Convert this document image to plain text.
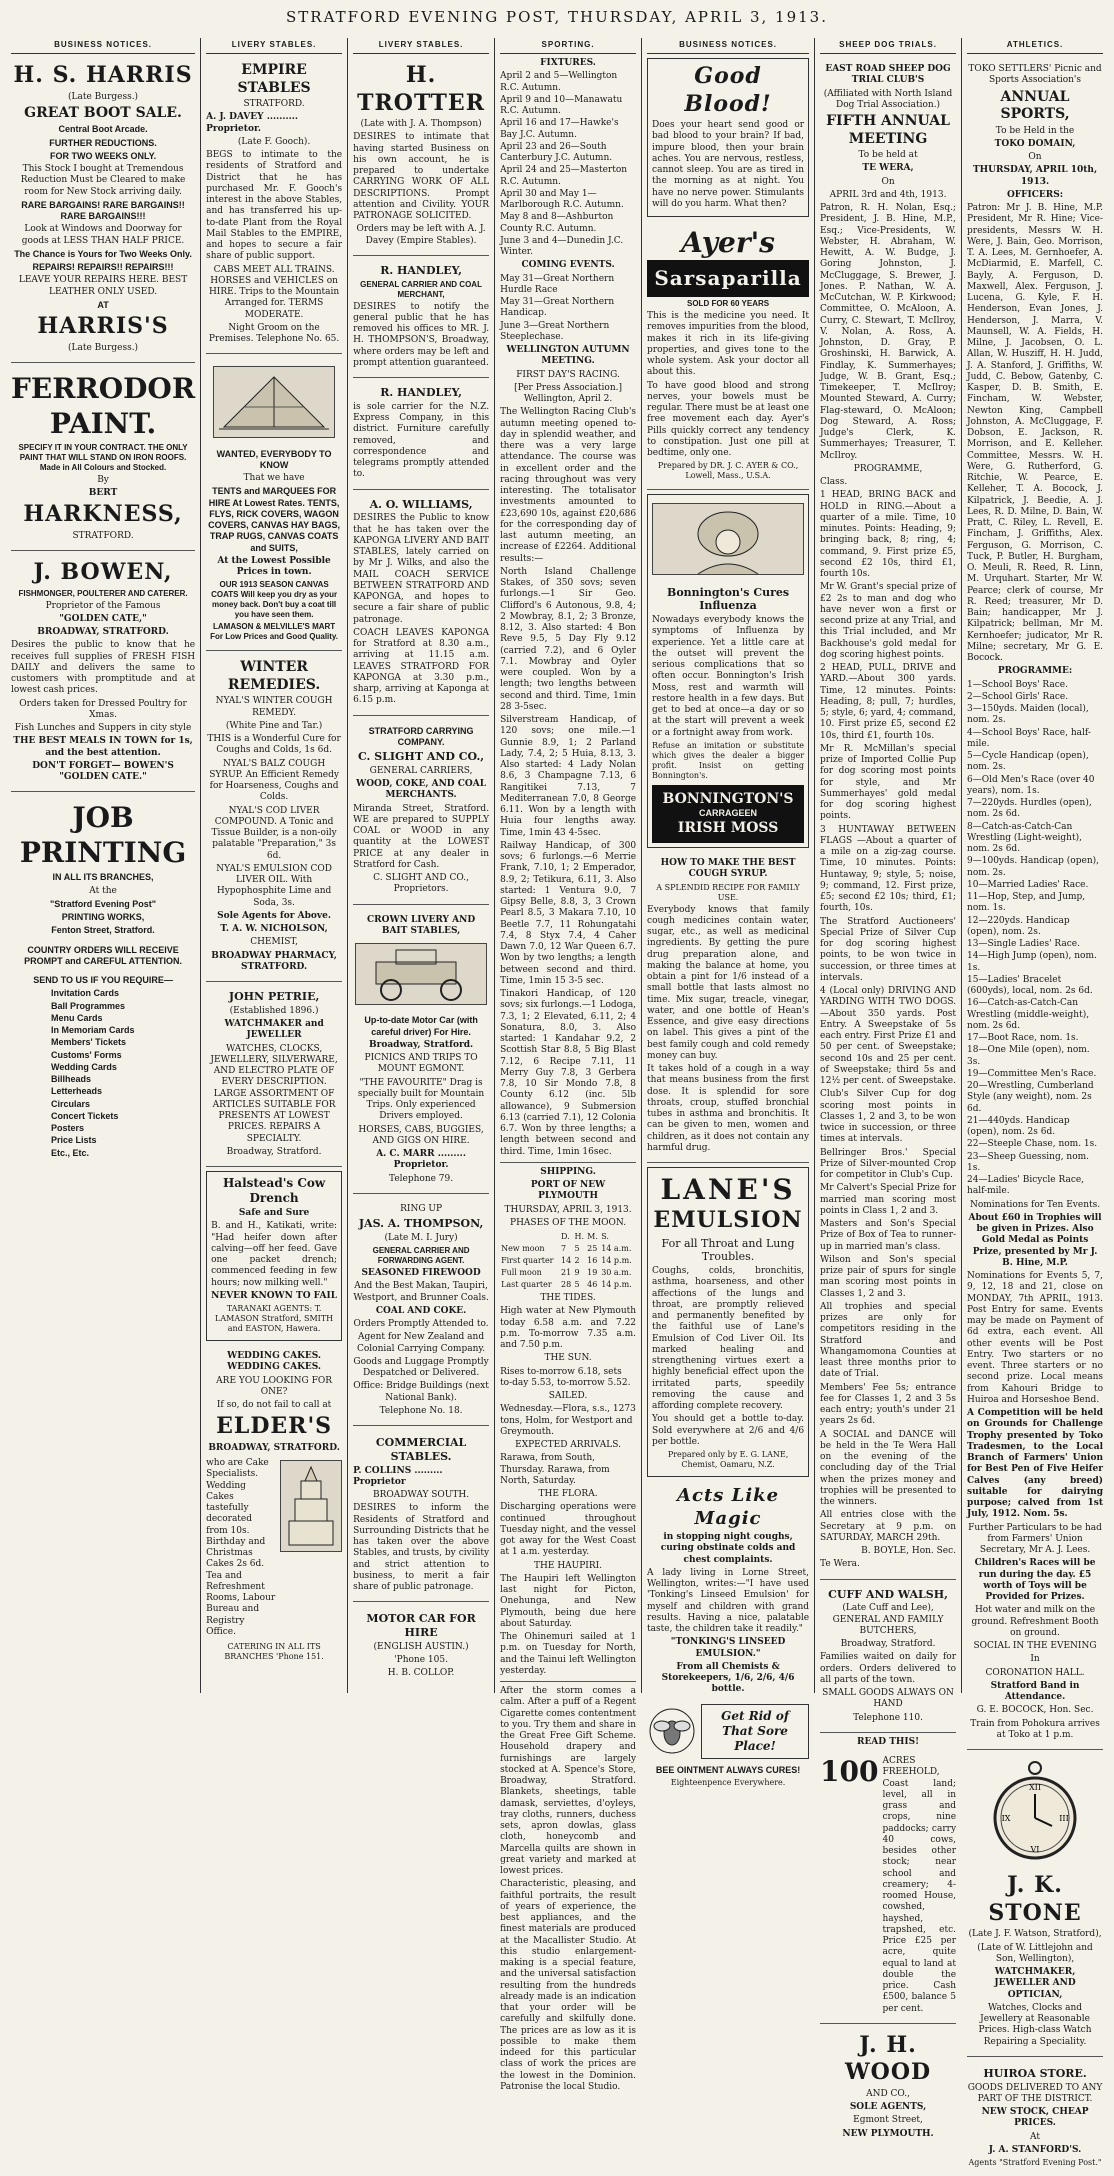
STRATFORD EVENING POST, THURSDAY, APRIL 3, 1913.
BUSINESS NOTICES.
H. S. HARRIS

(Late Burgess.)

GREAT BOOT SALE.

Central Boot Arcade.

FURTHER REDUCTIONS.

FOR TWO WEEKS ONLY.

This Stock I bought at Tremendous Reduction Must be Cleared to make room for New Stock arriving daily.

RARE BARGAINS! RARE BARGAINS!! RARE BARGAINS!!!

Look at Windows and Doorway for goods at LESS THAN HALF PRICE.

The Chance is Yours for Two Weeks Only.

REPAIRS! REPAIRS!! REPAIRS!!!

LEAVE YOUR REPAIRS HERE. BEST LEATHER ONLY USED.

AT

HARRIS'S

(Late Burgess.)

FERRODOR PAINT.

SPECIFY IT IN YOUR CONTRACT. THE ONLY PAINT THAT WILL STAND ON IRON ROOFS. Made in All Colours and Stocked.

By

BERT

HARKNESS,

STRATFORD.

J. BOWEN,

FISHMONGER, POULTERER AND CATERER.

Proprietor of the Famous

"GOLDEN CATE,"

BROADWAY, STRATFORD.

Desires the public to know that he receives full supplies of FRESH FISH DAILY and delivers the same to customers with promptitude and at lowest cash prices.

Orders taken for Dressed Poultry for Xmas.

Fish Lunches and Suppers in city style

THE BEST MEALS IN TOWN for 1s, and the best attention.

DON'T FORGET— BOWEN'S "GOLDEN CATE."

JOB
PRINTING

IN ALL ITS BRANCHES,

At the

"Stratford Evening Post"

PRINTING WORKS,

Fenton Street, Stratford.

COUNTRY ORDERS WILL RECEIVE PROMPT and CAREFUL ATTENTION.

SEND TO US IF YOU REQUIRE—

Invitation Cards
Ball Programmes
Menu Cards
In Memoriam Cards
Members' Tickets
Customs' Forms
Wedding Cards
Billheads
Letterheads
Circulars
Concert Tickets
Posters
Price Lists
Etc., Etc.
LIVERY STABLES.
EMPIRE STABLES

STRATFORD.

A. J. DAVEY .......... Proprietor.

(Late F. Gooch).

BEGS to intimate to the residents of Stratford and District that he has purchased Mr. F. Gooch's interest in the above Stables, and has transferred his up-to-date Plant from the Royal Mail Stables to the EMPIRE, and hopes to secure a fair share of public support.

CABS MEET ALL TRAINS. HORSES and VEHICLES on HIRE. Trips to the Mountain Arranged for. TERMS MODERATE.

Night Groom on the Premises. Telephone No. 65.

WANTED, EVERYBODY TO KNOW

That we have

TENTS and MARQUEES FOR HIRE At Lowest Rates. TENTS, FLYS, RICK COVERS, WAGON COVERS, CANVAS HAY BAGS, TRAP RUGS, CANVAS COATS and SUITS,

At the Lowest Possible Prices in town.

OUR 1913 SEASON CANVAS COATS Will keep you dry as your money back. Don't buy a coat till you have seen them.

LAMASON & MELVILLE'S MART For Low Prices and Good Quality.

WINTER REMEDIES.

NYAL'S WINTER COUGH REMEDY.

(White Pine and Tar.)

THIS is a Wonderful Cure for Coughs and Colds, 1s 6d.

NYAL'S BALZ COUGH SYRUP. An Efficient Remedy for Hoarseness, Coughs and Colds.

NYAL'S COD LIVER COMPOUND. A Tonic and Tissue Builder, is a non-oily palatable "Preparation," 3s 6d.

NYAL'S EMULSION COD LIVER OIL. With Hypophosphite Lime and Soda, 3s.

Sole Agents for Above.

T. A. W. NICHOLSON,

CHEMIST,

BROADWAY PHARMACY, STRATFORD.

JOHN PETRIE,

(Established 1896.)

WATCHMAKER and JEWELLER

WATCHES, CLOCKS, JEWELLERY, SILVERWARE, AND ELECTRO PLATE OF EVERY DESCRIPTION. LARGE ASSORTMENT OF ARTICLES SUITABLE FOR PRESENTS AT LOWEST PRICES. REPAIRS A SPECIALTY.

Broadway, Stratford.

Halstead's Cow Drench

Safe and Sure

B. and H., Katikati, write: "Had heifer down after calving—off her feed. Gave one packet drench; commenced feeding in few hours; now milking well."

NEVER KNOWN TO FAIL

TARANAKI AGENTS: T. LAMASON Stratford, SMITH and EASTON, Hawera.

WEDDING CAKES. WEDDING CAKES.

ARE YOU LOOKING FOR ONE?

If so, do not fail to call at

ELDER'S

BROADWAY, STRATFORD.

who are Cake Specialists. Wedding Cakes tastefully decorated from 10s. Birthday and Christmas Cakes 2s 6d. Tea and Refreshment Rooms, Labour Bureau and Registry Office.

CATERING IN ALL ITS BRANCHES 'Phone 151.

LIVERY STABLES.
H. TROTTER

(Late with J. A. Thompson)

DESIRES to intimate that having started Business on his own account, he is prepared to undertake CARRYING WORK OF ALL DESCRIPTIONS. Prompt attention and Civility. YOUR PATRONAGE SOLICITED.

Orders may be left with A. J. Davey (Empire Stables).

R. HANDLEY,

GENERAL CARRIER AND COAL MERCHANT,

DESIRES to notify the general public that he has removed his offices to MR. J. H. THOMPSON'S, Broadway, where orders may be left and prompt attention guaranteed.

R. HANDLEY,

is sole carrier for the N.Z. Express Company, in this district. Furniture carefully removed, and correspondence and telegrams promptly attended to.

A. O. WILLIAMS,

DESIRES the Public to know that he has taken over the KAPONGA LIVERY AND BAIT STABLES, lately carried on by Mr J. Wilks, and also the MAIL COACH SERVICE BETWEEN STRATFORD AND KAPONGA, and hopes to secure a fair share of public patronage.

COACH LEAVES KAPONGA for Stratford at 8.30 a.m., arriving at 11.15 a.m. LEAVES STRATFORD FOR KAPONGA at 3.30 p.m., sharp, arriving at Kaponga at 6.15 p.m.

STRATFORD CARRYING COMPANY.

C. SLIGHT AND CO.,

GENERAL CARRIERS,

WOOD, COKE, AND COAL MERCHANTS.

Miranda Street, Stratford. WE are prepared to SUPPLY COAL or WOOD in any quantity at the LOWEST PRICE at any dealer in Stratford for Cash.

C. SLIGHT AND CO., Proprietors.

CROWN LIVERY AND BAIT STABLES,

Up-to-date Motor Car (with careful driver) For Hire.

Broadway, Stratford.

PICNICS AND TRIPS TO MOUNT EGMONT.

"THE FAVOURITE" Drag is specially built for Mountain Trips. Only experienced Drivers employed.

HORSES, CABS, BUGGIES, AND GIGS ON HIRE.

A. C. MARR ......... Proprietor.

Telephone 79.

RING UP

JAS. A. THOMPSON,

(Late M. I. Jury)

GENERAL CARRIER AND FORWARDING AGENT.

SEASONED FIREWOOD

And the Best Makan, Taupiri, Westport, and Brunner Coals.

COAL AND COKE.

Orders Promptly Attended to.

Agent for New Zealand and Colonial Carrying Company.

Goods and Luggage Promptly Despatched or Delivered.

Office: Bridge Buildings (next National Bank).

Telephone No. 18.

COMMERCIAL STABLES.

P. COLLINS ......... Proprietor

BROADWAY SOUTH.

DESIRES to inform the Residents of Stratford and Surrounding Districts that he has taken over the above Stables, and trusts, by civility and strict attention to business, to merit a fair share of public patronage.

MOTOR CAR FOR HIRE

(ENGLISH AUSTIN.)

'Phone 105.

H. B. COLLOP.

SPORTING.

FIXTURES.

April 2 and 5—Wellington R.C. Autumn.
April 9 and 10—Manawatu R.C. Autumn.
April 16 and 17—Hawke's Bay J.C. Autumn.
April 23 and 26—South Canterbury J.C. Autumn.
April 24 and 25—Masterton R.C. Autumn.
April 30 and May 1—Marlborough R.C. Autumn.
May 8 and 8—Ashburton County R.C. Autumn.
June 3 and 4—Dunedin J.C. Winter.

COMING EVENTS.

May 31—Great Northern Hurdle Race
May 31—Great Northern Handicap.
June 3—Great Northern Steeplechase.

WELLINGTON AUTUMN MEETING.

FIRST DAY'S RACING.

[Per Press Association.] Wellington, April 2.

The Wellington Racing Club's autumn meeting opened to-day in splendid weather, and there was a very large attendance. The course was in excellent order and the racing throughout was very interesting. The totalisator investments amounted to £23,690 10s, against £20,686 for the corresponding day of last autumn meeting, an increase of £2264. Additional results:—

North Island Challenge Stakes, of 350 sovs; seven furlongs.—1 Sir Geo. Clifford's 6 Autonous, 9.8, 4; 2 Mowbray, 8.1, 2; 3 Bronze, 8.12, 3. Also started: 4 Bon Reve 9.5, 5 Day Fly 9.12 (carried 7.2), and 6 Oyler 7.1. Mowbray and Oyler were coupled. Won by a length; two lengths between second and third. Time, 1min 28 3-5sec.

Silverstream Handicap, of 120 sovs; one mile.—1 Gunnie 8.9, 1; 2 Parland Lady, 7.4, 2; 5 Huia, 8.13, 3. Also started: 4 Lady Nolan 8.6, 3 Champagne 7.13, 6 Rangitikei 7.13, 7 Mediterranean 7.0, 8 George 6.11. Won by a length with Huia four lengths away. Time, 1min 43 4-5sec.

Railway Handicap, of 300 sovs; 6 furlongs.—6 Merrie Frank, 7.10, 1; 2 Emperador, 8.9, 2; Tetikura, 6.11, 3. Also started: 1 Ventura 9.0, 7 Gipsy Belle, 8.8, 3, 3 Crown Pearl 8.5, 3 Makara 7.10, 10 Beetle 7.7, 11 Rohungatahi 7.4, 8 Styx 7.4, 4 Caher Dawn 7.0, 12 War Queen 6.7. Won by two lengths; a length between second and third. Time, 1min 15 3-5 sec.

Tinakori Handicap, of 120 sovs; six furlongs.—1 Lodoga, 7.3, 1; 2 Elevated, 6.11, 2; 4 Sonatura, 8.0, 3. Also started: 1 Kandahar 9.2, 2 Scottish Star 8.8, 5 Big Blast 7.12, 6 Recipe 7.11, 11 Merry Guy 7.8, 3 Gerbera 7.8, 10 Sir Mondo 7.8, 8 County 6.12 (inc. 5lb allowance), 9 Submersion 6.13 (carried 7.1), 12 Colonia 6.7. Won by three lengths; a length between second and third. Time, 1min 16sec.

SHIPPING.

PORT OF NEW PLYMOUTH

THURSDAY, APRIL 3, 1913.

PHASES OF THE MOON.

	D.	H.	M.	S.
New moon	7	5	25	14 a.m.
First quarter	14	2	16	14 p.m.
Full moon	21	9	19	30 a.m.
Last quarter	28	5	46	14 p.m.

THE TIDES.

High water at New Plymouth today 6.58 a.m. and 7.22 p.m. To-morrow 7.35 a.m. and 7.50 p.m.

THE SUN.

Rises to-morrow 6.18, sets to-day 5.53, to-morrow 5.52.

SAILED.

Wednesday.—Flora, s.s., 1273 tons, Holm, for Westport and Greymouth.

EXPECTED ARRIVALS.

Rarawa, from South, Thursday. Rarawa, from North, Saturday.

THE FLORA.

Discharging operations were continued throughout Tuesday night, and the vessel got away for the West Coast at 1 a.m. yesterday.

THE HAUPIRI.

The Haupiri left Wellington last night for Picton, Onehunga, and New Plymouth, being due here about Saturday.

The Ohinemuri sailed at 1 p.m. on Tuesday for North, and the Tainui left Wellington yesterday.

After the storm comes a calm. After a puff of a Regent Cigarette comes contentment to you. Try them and share in the Great Free Gift Scheme. Household drapery and furnishings are largely stocked at A. Spence's Store, Broadway, Stratford. Blankets, sheetings, table damask, serviettes, d'oyleys, tray cloths, runners, duchess sets, apron dowlas, glass cloth, honeycomb and Marcella quilts are shown in great variety and marked at lowest prices.

Characteristic, pleasing, and faithful portraits, the result of years of experience, the best appliances, and the finest materials are produced at the Macallister Studio. At this studio enlargement-making is a special feature, and the universal satisfaction resulting from the hundreds already made is an indication that your order will be carefully and skilfully done. The prices are as low as it is possible to make them indeed for this particular class of work the prices are the lowest in the Dominion. Patronise the local Studio.

BUSINESS NOTICES.
Good Blood!

Does your heart send good or bad blood to your brain? If bad, impure blood, then your brain aches. You are nervous, restless, cannot sleep. You are as tired in the morning as at night. You have no nerve power. Stimulants will do you harm. What then?

Ayer's
Sarsaparilla

SOLD FOR 60 YEARS

This is the medicine you need. It removes impurities from the blood, makes it rich in its life-giving properties, and gives tone to the whole system. Ask your doctor all about this.

To have good blood and strong nerves, your bowels must be regular. There must be at least one free movement each day. Ayer's Pills quickly correct any tendency to constipation. Just one pill at bedtime, only one.

Prepared by DR. J. C. AYER & CO., Lowell, Mass., U.S.A.

Bonnington's Cures Influenza

Nowadays everybody knows the symptoms of Influenza by experience. Yet a little care at the outset will prevent the serious complications that so often occur. Bonnington's Irish Moss, rest and warmth will restore health in a few days. But get to bed at once—a day or so at the start will prevent a week or a fortnight away from work.

Refuse an imitation or substitute which gives the dealer a bigger profit. Insist on getting Bonnington's.

BONNINGTON'S
CARRAGEEN
IRISH MOSS

HOW TO MAKE THE BEST COUGH SYRUP.

A SPLENDID RECIPE FOR FAMILY USE.

Everybody knows that family cough medicines contain water, sugar, etc., as well as medicinal ingredients. By getting the pure drug preparation alone, and making the balance at home, you obtain a pint for 1/6 instead of a small bottle that lasts almost no time. Mix sugar, treacle, vinegar, water, and one bottle of Hean's Essence, and give easy directions on label. This gives a pint of the best family cough and cold remedy money can buy.

It takes hold of a cough in a way that means business from the first dose. It is splendid for sore throats, croup, stuffed bronchial tubes in asthma and bronchitis. It can be given to men, women and children, as it does not contain any harmful drug.

LANE'S
EMULSION

For all Throat and Lung Troubles.

Coughs, colds, bronchitis, asthma, hoarseness, and other affections of the lungs and throat, are promptly relieved and permanently benefited by the faithful use of Lane's Emulsion of Cod Liver Oil. Its marked healing and strengthening virtues exert a highly beneficial effect upon the irritated parts, speedily removing the cause and affording complete recovery.

You should get a bottle to-day. Sold everywhere at 2/6 and 4/6 per bottle.

Prepared only by E. G. LANE, Chemist, Oamaru, N.Z.

Acts Like Magic

in stopping night coughs, curing obstinate colds and chest complaints.

A lady living in Lorne Street, Wellington, writes:—"I have used 'Tonking's Linseed Emulsion' for myself and children with grand results. Having a nice, palatable taste, the children take it readily."

"TONKING'S LINSEED EMULSION."

From all Chemists & Storekeepers, 1/6, 2/6, 4/6 bottle.

Get Rid of That Sore Place!

BEE OINTMENT ALWAYS CURES!

Eighteenpence Everywhere.

SHEEP DOG TRIALS.

EAST ROAD SHEEP DOG TRIAL CLUB'S

(Affiliated with North Island Dog Trial Association.)

FIFTH ANNUAL MEETING

To be held at

TE WERA,

On

APRIL 3rd and 4th, 1913.

Patron, R. H. Nolan, Esq.; President, J. B. Hine, M.P., Esq.; Vice-Presidents, W. Webster, H. Abraham, W. Hewitt, A. W. Budge, J. Goring Johnston, J. McCluggage, S. Brewer, J. Jones. P. Nathan, W. A. McCutchan, W. P. Kirkwood; Committee, O. McAloon, A. Curry, C. Stewart, T. McIlroy, V. Nolan, A. Ross, A. Johnston, D. Gray, P. Groshinski, H. Barwick, A. Findlay, K. Summerhayes; Judge, W. B. Grant, Esq.; Timekeeper, T. McIlroy; Mounted Steward, A. Curry; Flag-steward, O. McAloon; Dog Steward, A. Ross; Judge's Clerk, K. Summerhayes; Treasurer, T. McIlroy.

PROGRAMME,

Class.

1 HEAD, BRING BACK and HOLD in RING.—About a quarter of a mile. Time, 10 minutes. Points: Heading, 9; bringing back, 8; ring, 4; command, 9. First prize £5, second £2 10s, third £1, fourth 10s.

Mr W. Grant's special prize of £2 2s to man and dog who have never won a first or second prize at any Trial, and this Trial included, and Mr Backhouse's gold medal for dog scoring highest points.

2 HEAD, PULL, DRIVE and YARD.—About 300 yards. Time, 12 minutes. Points: Heading, 8; pull, 7; hurdles, 5; style, 6; yard, 4; command, 10. First prize £5, second £2 10s, third £1, fourth 10s.

Mr R. McMillan's special prize of Imported Collie Pup for dog scoring most points for style, and Mr Summerhayes' gold medal for dog scoring highest points.

3 HUNTAWAY BETWEEN FLAGS —About a quarter of a mile on a zig-zag course. Time, 10 minutes. Points: Huntaway, 9; style, 5; noise, 9; command, 12. First prize, £5; second £2 10s; third, £1; fourth, 10s.

The Stratford Auctioneers' Special Prize of Silver Cup for dog scoring highest points, to be won twice in succession, or three times at intervals.

4 (Local only) DRIVING AND YARDING WITH TWO DOGS.—About 350 yards. Post Entry. A Sweepstake of 5s each entry. First Prize £1 and 50 per cent. of Sweepstake; second 10s and 25 per cent. of Sweepstake; third 5s and 12½ per cent. of Sweepstake.

Club's Silver Cup for dog scoring most points in Classes 1, 2 and 3, to be won twice in succession, or three times at intervals.

Bellringer Bros.' Special Prize of Silver-mounted Crop for competitor in Club's Cup.

Mr Calvert's Special Prize for married man scoring most points in Class 1, 2 and 3.

Masters and Son's Special Prize of Box of Tea to runner-up in married man's class.

Wilson and Son's special prize pair of spurs for single man scoring most points in Classes 1, 2 and 3.

All trophies and special prizes are only for competitors residing in the Stratford and Whangamomona Counties at least three months prior to date of Trial.

Members' Fee 5s; entrance fee for Classes 1, 2 and 3 5s each entry; youth's under 21 years 2s 6d.

A SOCIAL and DANCE will be held in the Te Wera Hall on the evening of the concluding day of the Trial when the prizes money and trophies will be presented to the winners.

All entries close with the Secretary at 9 p.m. on SATURDAY, MARCH 29th.

B. BOYLE, Hon. Sec.

Te Wera.

CUFF AND WALSH,

(Late Cuff and Lee), GENERAL AND FAMILY BUTCHERS,

Broadway, Stratford.

Families waited on daily for orders. Orders delivered to all parts of the town.

SMALL GOODS ALWAYS ON HAND

Telephone 110.

READ THIS!

100 ACRES FREEHOLD, Coast land; level, all in grass and crops, nine paddocks; carry 40 cows, besides other stock; near school and creamery; 4-roomed House, cowshed, hayshed, trapshed, etc. Price £25 per acre, quite equal to land at double the price. Cash £500, balance 5 per cent.

J. H. WOOD

AND CO.,

SOLE AGENTS,

Egmont Street,

NEW PLYMOUTH.

ATHLETICS.

TOKO SETTLERS' Picnic and Sports Association's

ANNUAL SPORTS,

To be Held in the

TOKO DOMAIN,

On

THURSDAY, APRIL 10th, 1913.

OFFICERS:

Patron: Mr J. B. Hine, M.P. President, Mr R. Hine; Vice-presidents, Messrs W. H. Were, J. Bain, Geo. Morrison, T. A. Lees, M. Gernhoefer, A. McDiarmid, E. Marfell, C. Bayly, A. Ferguson, D. Maxwell, Alex. Ferguson, J. Lucena, G. Kyle, F. H. Henderson, Evan Jones, J. Henderson, J. Marra, V. Maunsell, W. A. Fields, H. Milne, J. Jacobsen, O. L. Allan, W. Husziff, H. H. Judd, J. A. Stanford, J. Griffiths, W. Judd, C. Bebow, Gatenby, C. Kasper, D. B. Smith, E. Fincham, W. Webster, Newton King, Campbell Johnston, A. McCluggage, F. Dobson, E. Jackson, R. Morrison, and E. Kelleher. Committee, Messrs. W. H. Were, G. Rutherford, G. Ritchie, W. Pearce, E. Kelleher, T. A. Bocock, J. Kilpatrick, J. Beedie, A. J. Lees, R. D. Milne, D. Bain, W. Pratt, C. Riley, L. Revell, E. Fincham, J. Griffiths, Alex. Ferguson, G. Morrison, C. Tuck, P. Butler, H. Burgham, O. Meuli, R. Reed, R. Linn, M. Urquhart. Starter, Mr W. Pearce; clerk of course, Mr R. Reed; treasurer, Mr D. Bain; handicapper, Mr J. Kilpatrick; bellman, Mr M. Kernhoefer; judicator, Mr R. Milne; secretary, Mr G. E. Bocock.

PROGRAMME:

1—School Boys' Race.
2—School Girls' Race.
3—150yds. Maiden (local), nom. 2s.
4—School Boys' Race, half-mile.
5—Cycle Handicap (open), nom. 2s.
6—Old Men's Race (over 40 years), nom. 1s.
7—220yds. Hurdles (open), nom. 2s 6d.
8—Catch-as-Catch-Can Wrestling (Light-weight), nom. 2s 6d.
9—100yds. Handicap (open), nom. 2s.
10—Married Ladies' Race.
11—Hop, Step, and Jump, nom. 1s.
12—220yds. Handicap (open), nom. 2s.
13—Single Ladies' Race.
14—High Jump (open), nom. 1s.
15—Ladies' Bracelet (600yds), local, nom. 2s 6d.
16—Catch-as-Catch-Can Wrestling (middle-weight), nom. 2s 6d.
17—Boot Race, nom. 1s.
18—One Mile (open), nom. 3s.
19—Committee Men's Race.
20—Wrestling, Cumberland Style (any weight), nom. 2s 6d.
21—440yds. Handicap (open), nom. 2s 6d.
22—Steeple Chase, nom. 1s.
23—Sheep Guessing, nom. 1s.
24—Ladies' Bicycle Race, half-mile.

Nominations for Ten Events.

About £60 in Trophies will be given in Prizes. Also Gold Medal as Points Prize, presented by Mr J. B. Hine, M.P.

Nominations for Events 5, 7, 9, 12, 18 and 21, close on MONDAY, 7th APRIL, 1913. Post Entry for same. Events may be made on Payment of 6d extra, each event. All other events will be Post Entry. Two starters or no event. Three starters or no second prize. Local means from Kahouri Bridge to Huiroa and Horseshoe Bend.

A Competition will be held on Grounds for Challenge Trophy presented by Toko Tradesmen, to the Local Branch of Farmers' Union for Best Pen of Five Heifer Calves (any breed) suitable for dairying purpose; calved from 1st July, 1912. Nom. 5s.

Further Particulars to be had from Farmers' Union Secretary, Mr A. J. Lees.

Children's Races will be run during the day. £5 worth of Toys will be Provided for Prizes.

Hot water and milk on the ground. Refreshment Booth on ground.

SOCIAL IN THE EVENING

In

CORONATION HALL.

Stratford Band in Attendance.

G. E. BOCOCK, Hon. Sec.

Train from Pohokura arrives at Toko at 1 p.m.

XII
III
VI
IX
J. K. STONE

(Late J. F. Watson, Stratford),

(Late of W. Littlejohn and Son, Wellington),

WATCHMAKER, JEWELLER AND OPTICIAN,

Watches, Clocks and Jewellery at Reasonable Prices. High-class Watch Repairing a Speciality.

HUIROA STORE.

GOODS DELIVERED TO ANY PART OF THE DISTRICT.

NEW STOCK, CHEAP PRICES.

At

J. A. STANFORD'S.

Agents "Stratford Evening Post."
